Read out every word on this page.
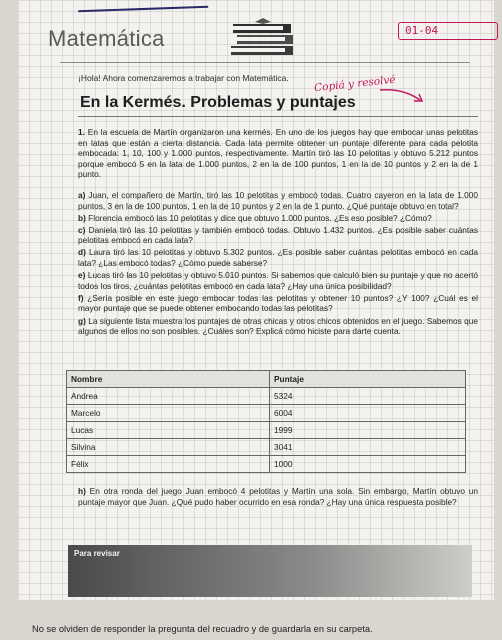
Matemática	01-04
¡Hola! Ahora comenzaremos a trabajar con Matemática. Copiá y resolvé
En la Kermés. Problemas y puntajes
1. En la escuela de Martín organizaron una kermés. En uno de los juegos hay que embocar unas pelotitas en latas que están a cierta distancia. Cada lata permite obtener un puntaje diferente para cada pelotita embocada: 1, 10, 100 y 1.000 puntos, respectivamente. Martín tiró las 10 pelotitas y obtuvo 5.212 puntos porque embocó 5 en la lata de 1.000 puntos, 2 en la de 100 puntos, 1 en la de 10 puntos y 2 en la de 1 punto.
a) Juan, el compañero de Martín, tiró las 10 pelotitas y embocó todas. Cuatro cayeron en la lata de 1.000 puntos, 3 en la de 100 puntos, 1 en la de 10 puntos y 2 en la de 1 punto. ¿Qué puntaje obtuvo en total?
b) Florencia embocó las 10 pelotitas y dice que obtuvo 1.000 puntos. ¿Es eso posible? ¿Cómo?
c) Daniela tiró las 10 pelotitas y también embocó todas. Obtuvo 1.432 puntos. ¿Es posible saber cuántas pelotitas embocó en cada lata?
d) Laura tiró las 10 pelotitas y obtuvo 5.302 puntos. ¿Es posible saber cuántas pelotitas embocó en cada lata? ¿Las embocó todas? ¿Cómo puede saberse?
e) Lucas tiró las 10 pelotitas y obtuvo 5.010 puntos. Si sabemos que calculó bien su puntaje y que no acertó todos los tiros, ¿cuántas pelotitas embocó en cada lata? ¿Hay una única posibilidad?
f) ¿Sería posible en este juego embocar todas las pelotitas y obtener 10 puntos? ¿Y 100? ¿Cuál es el mayor puntaje que se puede obtener embocando todas las pelotitas?
g) La siguiente lista muestra los puntajes de otras chicas y otros chicos obtenidos en el juego. Sabemos que algunos de ellos no son posibles. ¿Cuáles son? Explicá cómo hiciste para darte cuenta.
Nombre	Puntaje
Andrea	5324
Marcelo	6004
Lucas	1999
Silvina	3041
Félix	1000
h) En otra ronda del juego Juan embocó 4 pelotitas y Martín una sola. Sin embargo, Martín obtuvo un puntaje mayor que Juan. ¿Qué pudo haber ocurrido en esa ronda? ¿Hay una única respuesta posible?
Para revisar
No se olviden de responder la pregunta del recuadro y de guardarla en su carpeta.
